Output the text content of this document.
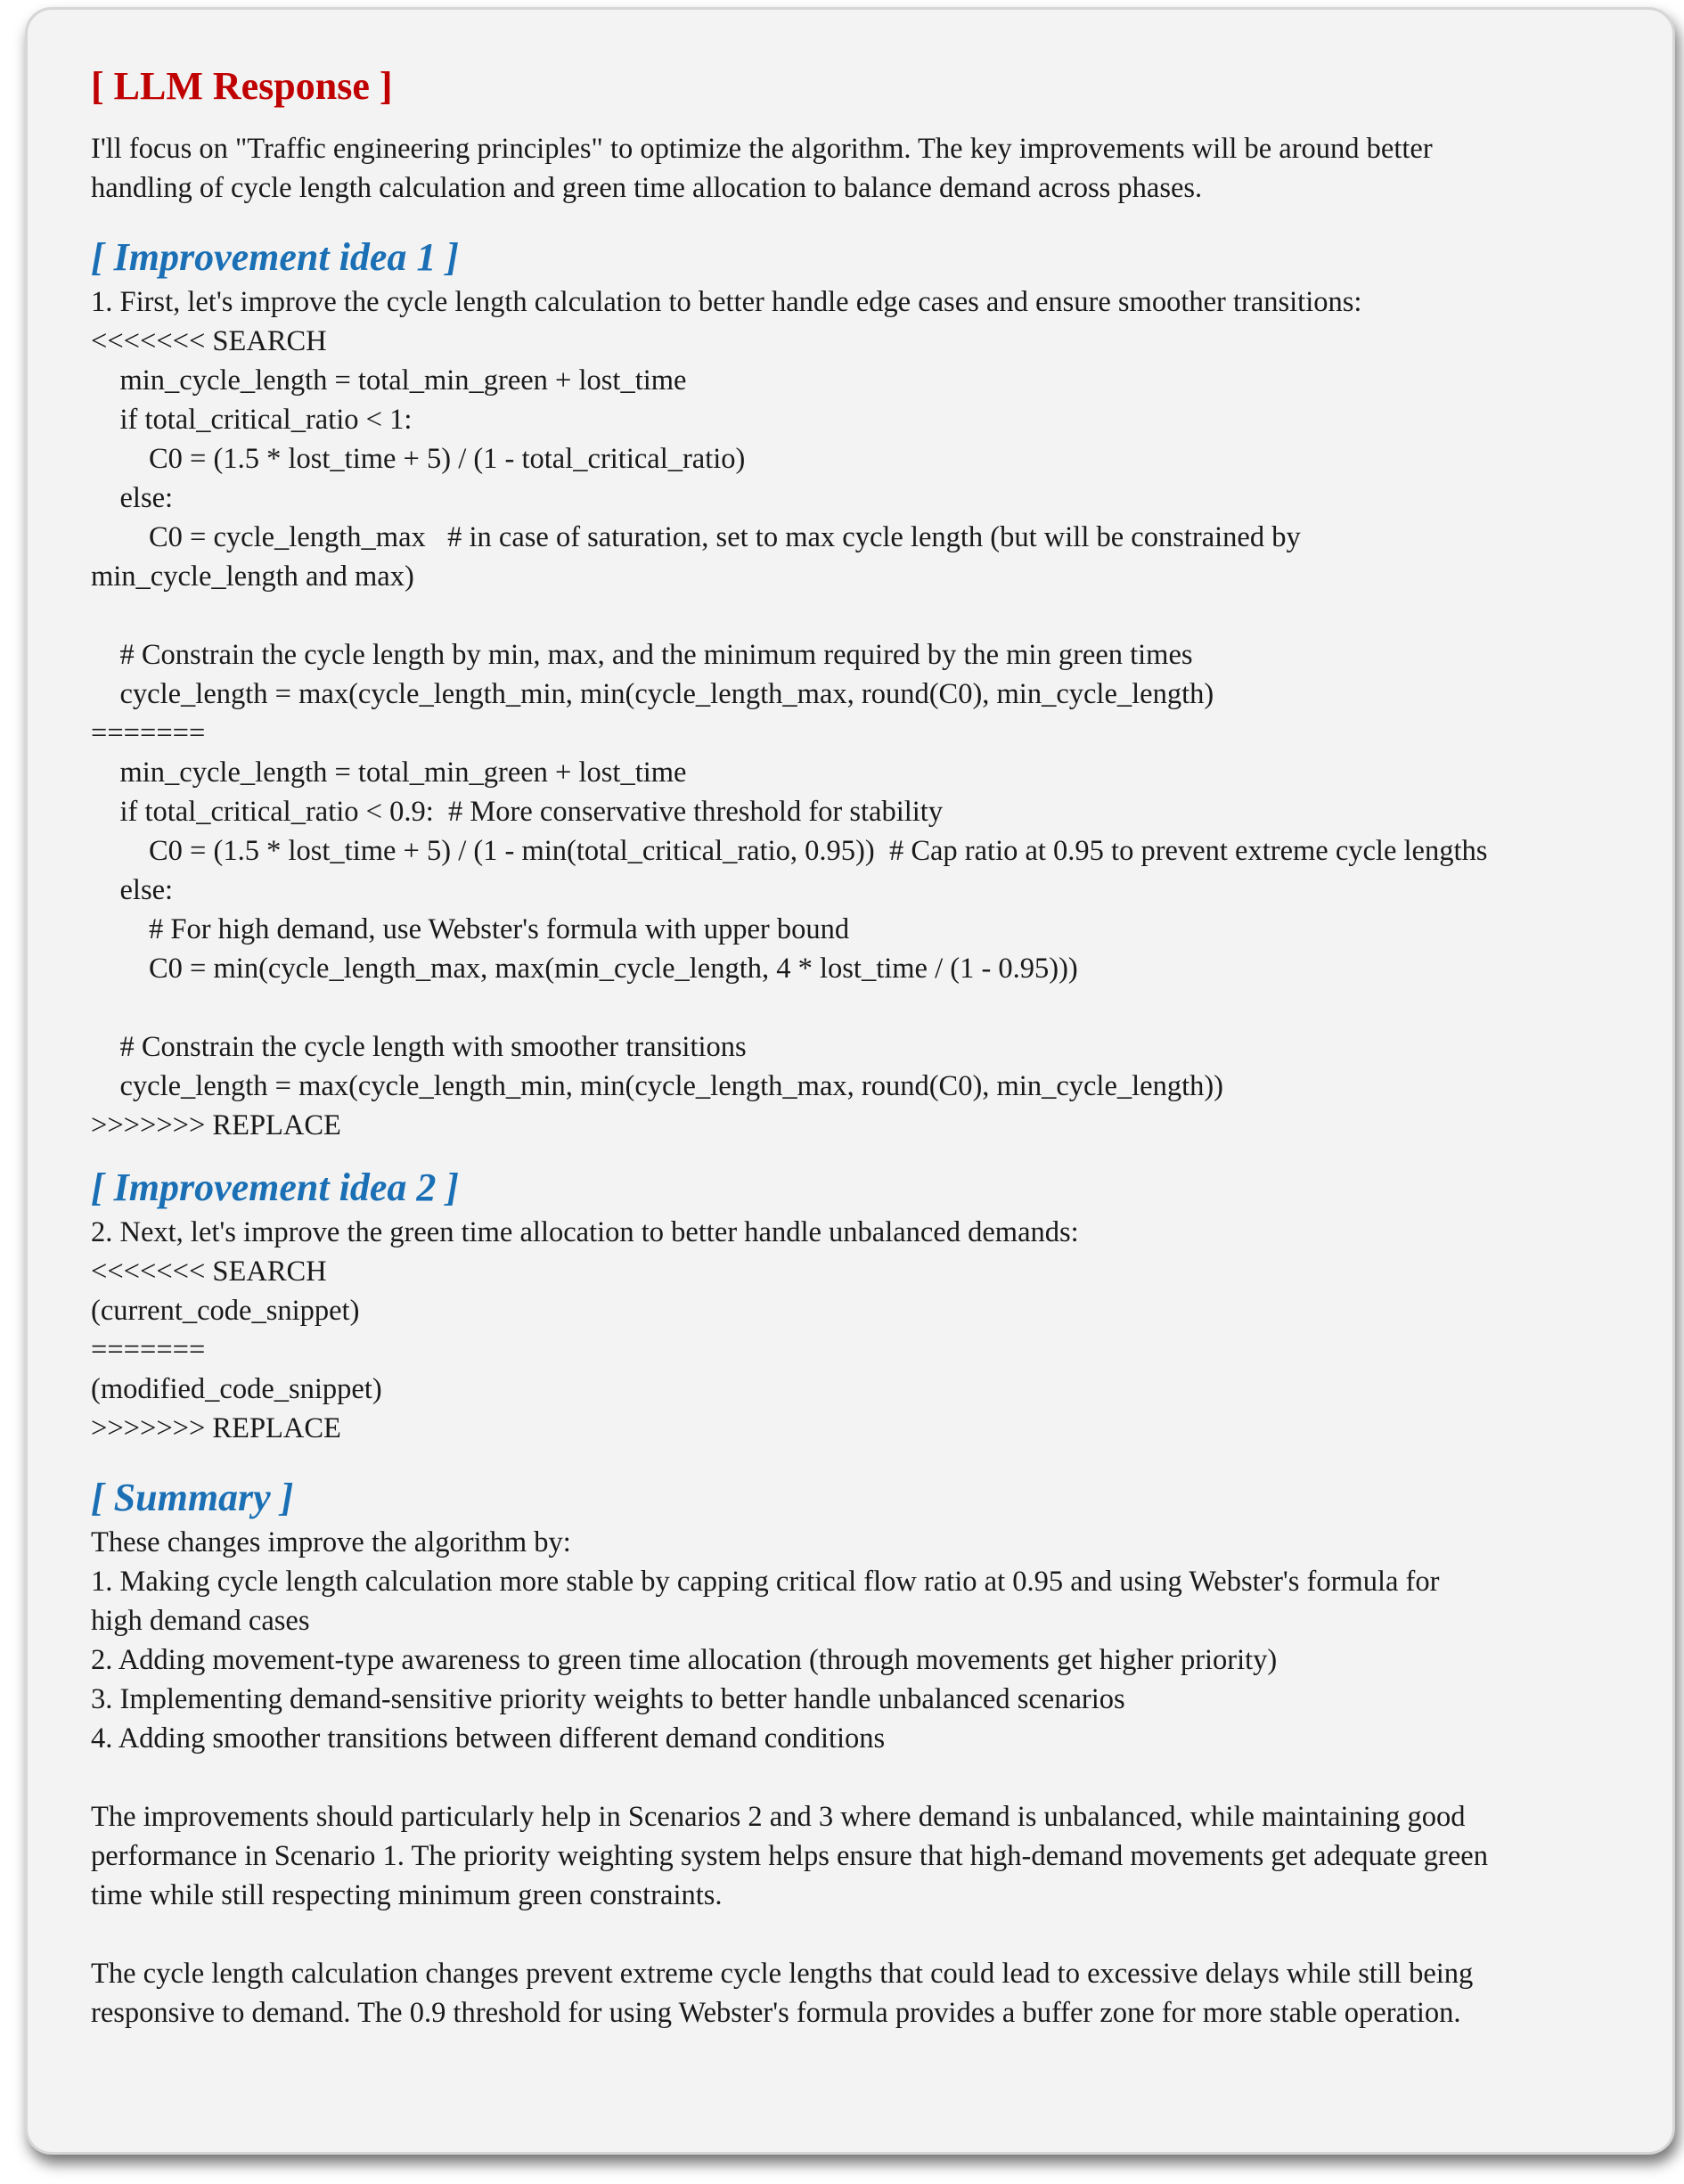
[ LLM Response ]
I'll focus on "Traffic engineering principles" to optimize the algorithm. The key improvements will be around better
handling of cycle length calculation and green time allocation to balance demand across phases.
[ Improvement idea 1 ]
1. First, let's improve the cycle length calculation to better handle edge cases and ensure smoother transitions:
<<<<<<< SEARCH
min_cycle_length = total_min_green + lost_time
if total_critical_ratio < 1:
C0 = (1.5 * lost_time + 5) / (1 - total_critical_ratio)
else:
C0 = cycle_length_max   # in case of saturation, set to max cycle length (but will be constrained by
min_cycle_length and max)
# Constrain the cycle length by min, max, and the minimum required by the min green times
cycle_length = max(cycle_length_min, min(cycle_length_max, round(C0), min_cycle_length)
=======
min_cycle_length = total_min_green + lost_time
if total_critical_ratio < 0.9:  # More conservative threshold for stability
C0 = (1.5 * lost_time + 5) / (1 - min(total_critical_ratio, 0.95))  # Cap ratio at 0.95 to prevent extreme cycle lengths
else:
# For high demand, use Webster's formula with upper bound
C0 = min(cycle_length_max, max(min_cycle_length, 4 * lost_time / (1 - 0.95)))
# Constrain the cycle length with smoother transitions
cycle_length = max(cycle_length_min, min(cycle_length_max, round(C0), min_cycle_length))
>>>>>>> REPLACE
[ Improvement idea 2 ]
2. Next, let's improve the green time allocation to better handle unbalanced demands:
<<<<<<< SEARCH
(current_code_snippet)
=======
(modified_code_snippet)
>>>>>>> REPLACE
[ Summary ]
These changes improve the algorithm by:
1. Making cycle length calculation more stable by capping critical flow ratio at 0.95 and using Webster's formula for
high demand cases
2. Adding movement-type awareness to green time allocation (through movements get higher priority)
3. Implementing demand-sensitive priority weights to better handle unbalanced scenarios
4. Adding smoother transitions between different demand conditions
The improvements should particularly help in Scenarios 2 and 3 where demand is unbalanced, while maintaining good
performance in Scenario 1. The priority weighting system helps ensure that high-demand movements get adequate green
time while still respecting minimum green constraints.
The cycle length calculation changes prevent extreme cycle lengths that could lead to excessive delays while still being
responsive to demand. The 0.9 threshold for using Webster's formula provides a buffer zone for more stable operation.
